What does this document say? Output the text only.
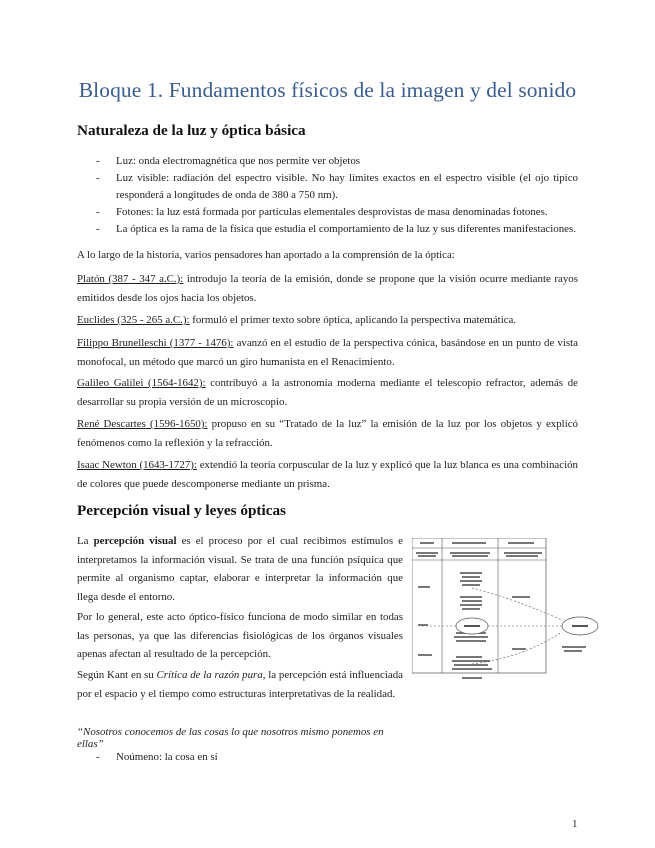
Bloque 1. Fundamentos físicos de la imagen y del sonido
Naturaleza de la luz y óptica básica
- Luz: onda electromagnética que nos permite ver objetos
- Luz visible: radiación del espectro visible. No hay límites exactos en el espectro visible (el ojo típico responderá a longitudes de onda de 380 a 750 nm).
- Fotones: la luz está formada por partículas elementales desprovistas de masa denominadas fotones.
- La óptica es la rama de la física que estudia el comportamiento de la luz y sus diferentes manifestaciones.

A lo largo de la historia, varios pensadores han aportado a la comprensión de la óptica:

Platón (387 - 347 a.C.): introdujo la teoría de la emisión, donde se propone que la visión ocurre mediante rayos emitidos desde los ojos hacia los objetos.

Euclides (325 - 265 a.C.): formuló el primer texto sobre óptica, aplicando la perspectiva matemática.

Filippo Brunelleschi (1377 - 1476): avanzó en el estudio de la perspectiva cónica, basándose en un punto de vista monofocal, un método que marcó un giro humanista en el Renacimiento.

Galileo Galilei (1564-1642): contribuyó a la astronomía moderna mediante el telescopio refractor, además de desarrollar su propia versión de un microscopio.

René Descartes (1596-1650): propuso en su “Tratado de la luz” la emisión de la luz por los objetos y explicó fenómenos como la reflexión y la refracción.

Isaac Newton (1643-1727): extendió la teoría corpuscular de la luz y explicó que la luz blanca es una combinación de colores que puede descomponerse mediante un prisma.

Percepción visual y leyes ópticas

La percepción visual es el proceso por el cual recibimos estímulos e interpretamos la información visual. Se trata de una función psíquica que permite al organismo captar, elaborar e interpretar la información que llega desde el entorno.

Por lo general, este acto óptico-físico funciona de modo similar en todas las personas, ya que las diferencias fisiológicas de los órganos visuales apenas afectan al resultado de la percepción.

Según Kant en su Crítica de la razón pura, la percepción está influenciada por el espacio y el tiempo como estructuras interpretativas de la realidad.

“Nosotros conocemos de las cosas lo que nosotros mismo ponemos en ellas”

- Noúmeno: la cosa en sí
1
